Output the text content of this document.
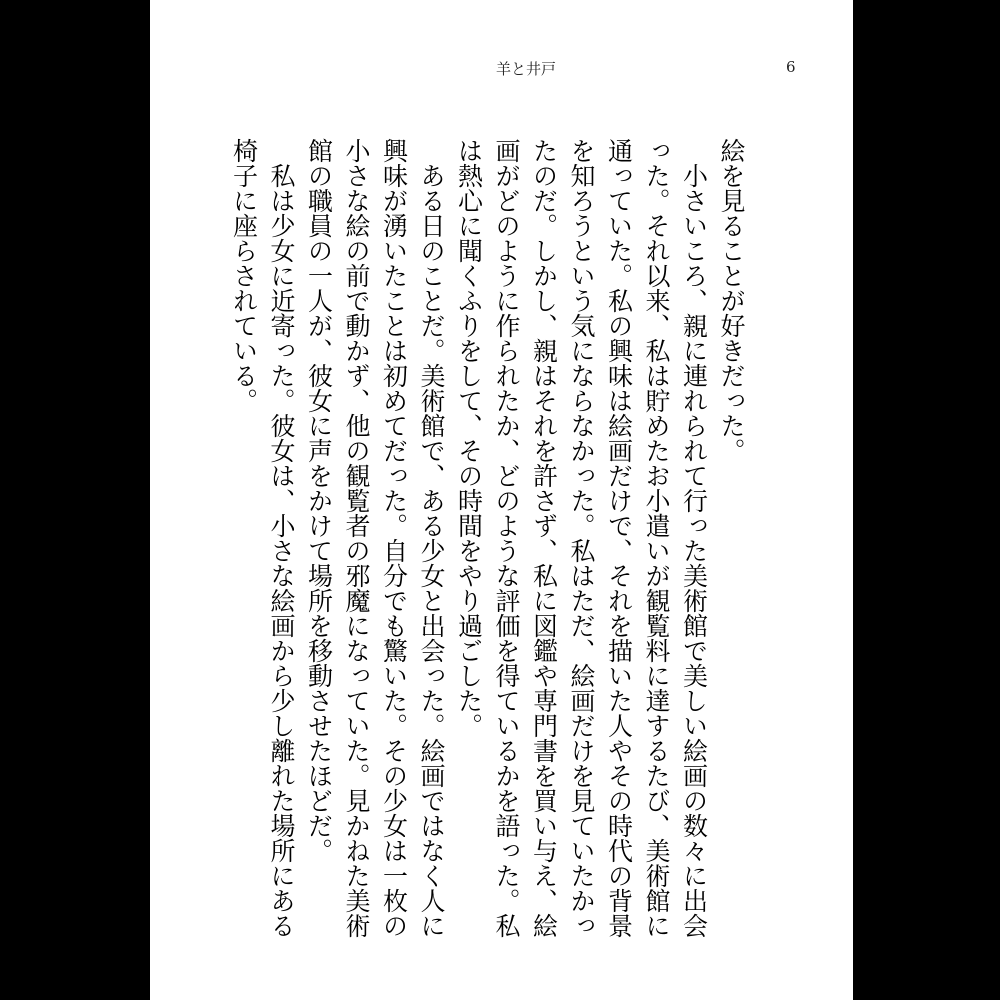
羊と井戸	6

絵を見ることが好きだった。

　小さいころ、親に連れられて行った美術館で美しい絵画の数々に出会った。それ以来、私は貯めたお小遣いが観覧料に達するたび、美術館に通っていた。私の興味は絵画だけで、それを描いた人やその時代の背景を知ろうという気にならなかった。私はただ、絵画だけを見ていたかったのだ。しかし、親はそれを許さず、私に図鑑や専門書を買い与え、絵画がどのように作られたか、どのような評価を得ているかを語った。私は熱心に聞くふりをして、その時間をやり過ごした。

　ある日のことだ。美術館で、ある少女と出会った。絵画ではなく人に興味が湧いたことは初めてだった。自分でも驚いた。その少女は一枚の小さな絵の前で動かず、他の観覧者の邪魔になっていた。見かねた美術館の職員の一人が、彼女に声をかけて場所を移動させたほどだ。

　私は少女に近寄った。彼女は、小さな絵画から少し離れた場所にある椅子に座らされている。
